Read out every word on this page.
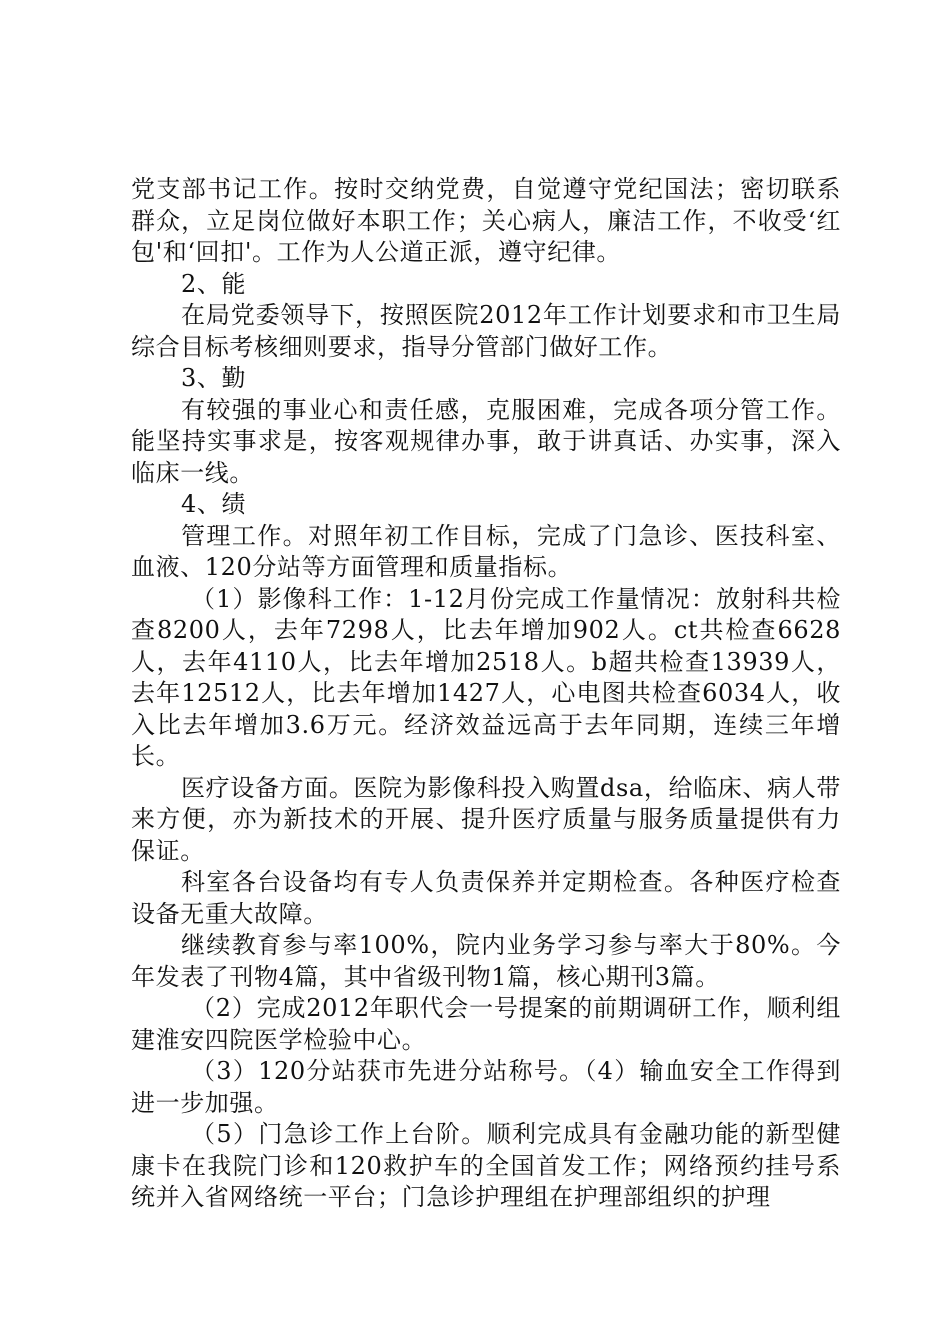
党支部书记工作。按时交纳党费，自觉遵守党纪国法；密切联系群众，立足岗位做好本职工作；关心病人，廉洁工作，不收受‘红包'和‘回扣'。工作为人公道正派，遵守纪律。

2、能

在局党委领导下，按照医院2012年工作计划要求和市卫生局综合目标考核细则要求，指导分管部门做好工作。

3、勤

有较强的事业心和责任感，克服困难，完成各项分管工作。能坚持实事求是，按客观规律办事，敢于讲真话、办实事，深入临床一线。

4、绩

管理工作。对照年初工作目标，完成了门急诊、医技科室、血液、120分站等方面管理和质量指标。

（1）影像科工作：1-12月份完成工作量情况：放射科共检查8200人，去年7298人，比去年增加902人。ct共检查6628人，去年4110人，比去年增加2518人。b超共检查13939人，去年12512人，比去年增加1427人，心电图共检查6034人，收入比去年增加3.6万元。经济效益远高于去年同期，连续三年增长。

医疗设备方面。医院为影像科投入购置dsa，给临床、病人带来方便，亦为新技术的开展、提升医疗质量与服务质量提供有力保证。

科室各台设备均有专人负责保养并定期检查。各种医疗检查设备无重大故障。

继续教育参与率100%，院内业务学习参与率大于80%。今年发表了刊物4篇，其中省级刊物1篇，核心期刊3篇。

（2）完成2012年职代会一号提案的前期调研工作，顺利组建淮安四院医学检验中心。

（3）120分站获市先进分站称号。（4）输血安全工作得到进一步加强。

（5）门急诊工作上台阶。顺利完成具有金融功能的新型健康卡在我院门诊和120救护车的全国首发工作；网络预约挂号系统并入省网络统一平台；门急诊护理组在护理部组织的护理
